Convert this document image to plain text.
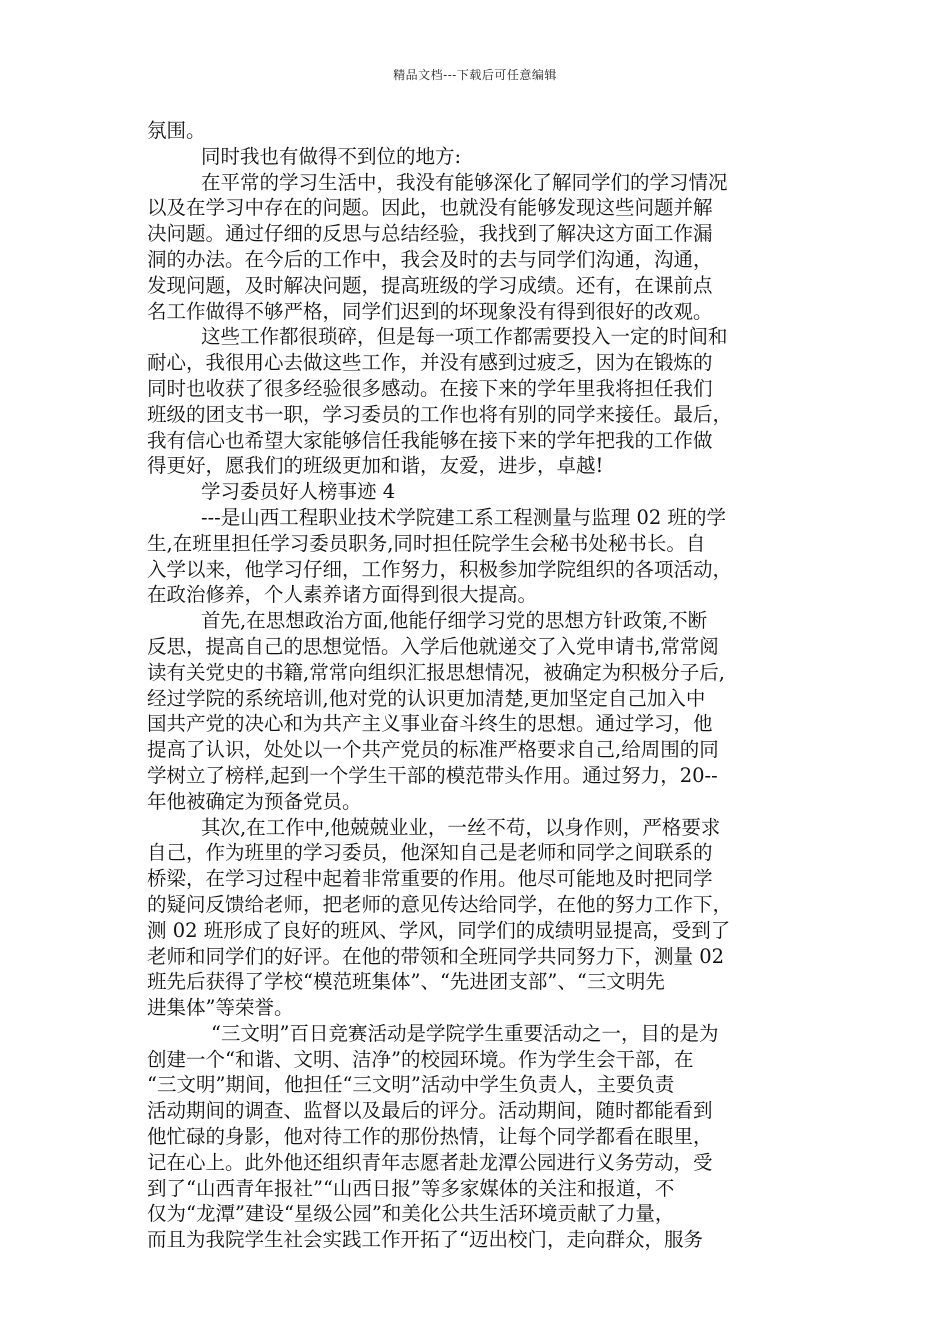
精品文档---下载后可任意编辑

氛围。

同时我也有做得不到位的地方:

在平常的学习生活中，我没有能够深化了解同学们的学习情况

以及在学习中存在的问题。因此，也就没有能够发现这些问题并解

决问题。通过仔细的反思与总结经验，我找到了解决这方面工作漏

洞的办法。在今后的工作中，我会及时的去与同学们沟通，沟通，

发现问题，及时解决问题，提高班级的学习成绩。还有，在课前点

名工作做得不够严格，同学们迟到的坏现象没有得到很好的改观。

这些工作都很琐碎，但是每一项工作都需要投入一定的时间和

耐心，我很用心去做这些工作，并没有感到过疲乏，因为在锻炼的

同时也收获了很多经验很多感动。在接下来的学年里我将担任我们

班级的团支书一职，学习委员的工作也将有别的同学来接任。最后，

我有信心也希望大家能够信任我能够在接下来的学年把我的工作做

得更好，愿我们的班级更加和谐，友爱，进步，卓越!

学习委员好人榜事迹 4

---是山西工程职业技术学院建工系工程测量与监理 02 班的学

生,在班里担任学习委员职务,同时担任院学生会秘书处秘书长。自

入学以来，他学习仔细，工作努力，积极参加学院组织的各项活动，

在政治修养，个人素养诸方面得到很大提高。

首先,在思想政治方面,他能仔细学习党的思想方针政策,不断

反思，提高自己的思想觉悟。入学后他就递交了入党申请书,常常阅

读有关党史的书籍,常常向组织汇报思想情况，被确定为积极分子后,

经过学院的系统培训,他对党的认识更加清楚,更加坚定自己加入中

国共产党的决心和为共产主义事业奋斗终生的思想。通过学习，他

提高了认识，处处以一个共产党员的标准严格要求自己,给周围的同

学树立了榜样,起到一个学生干部的模范带头作用。通过努力，20--

年他被确定为预备党员。

其次,在工作中,他兢兢业业，一丝不苟，以身作则，严格要求

自己，作为班里的学习委员，他深知自己是老师和同学之间联系的

桥梁，在学习过程中起着非常重要的作用。他尽可能地及时把同学

的疑问反馈给老师，把老师的意见传达给同学，在他的努力工作下，

测 02 班形成了良好的班风、学风，同学们的成绩明显提高，受到了

老师和同学们的好评。在他的带领和全班同学共同努力下，测量 02

班先后获得了学校“模范班集体”、“先进团支部”、“三文明先

进集体”等荣誉。

“三文明”百日竞赛活动是学院学生重要活动之一，目的是为

创建一个“和谐、文明、洁净”的校园环境。作为学生会干部，在

“三文明”期间，他担任“三文明”活动中学生负责人，主要负责

活动期间的调查、监督以及最后的评分。活动期间，随时都能看到

他忙碌的身影，他对待工作的那份热情，让每个同学都看在眼里，

记在心上。此外他还组织青年志愿者赴龙潭公园进行义务劳动，受

到了“山西青年报社”“山西日报”等多家媒体的关注和报道，不

仅为“龙潭”建设“星级公园”和美化公共生活环境贡献了力量，

而且为我院学生社会实践工作开拓了“迈出校门，走向群众，服务
